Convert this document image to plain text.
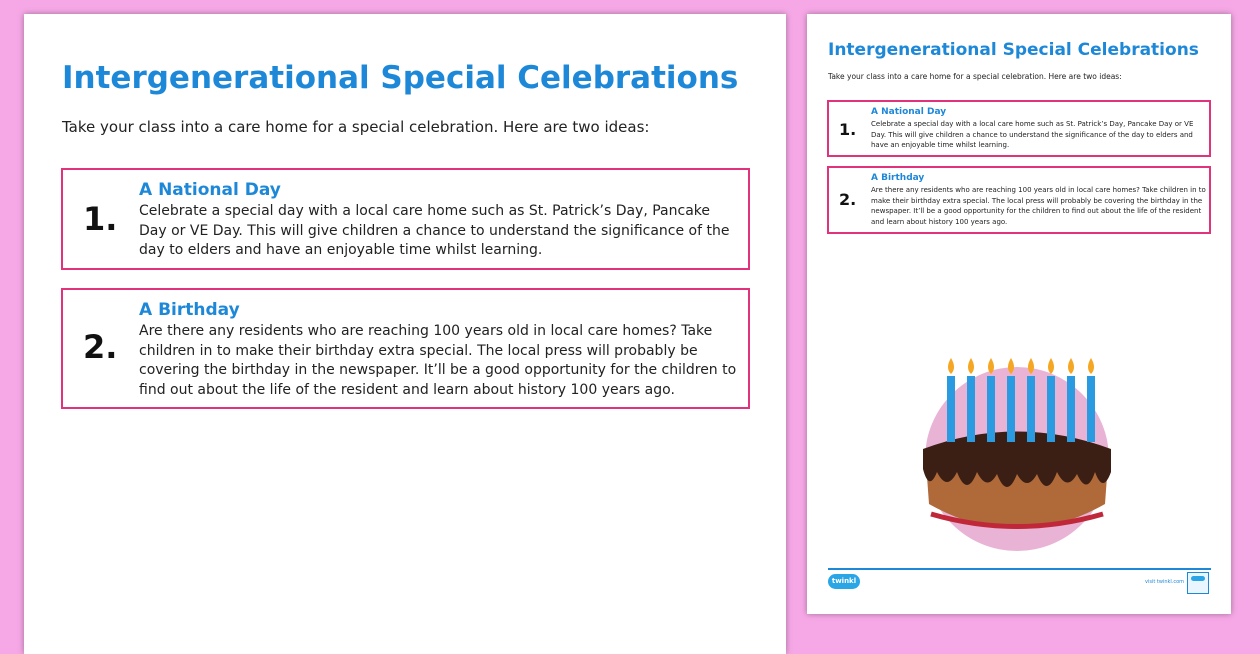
Intergenerational Special Celebrations

Take your class into a care home for a special celebration. Here are two ideas:

1.
A National Day
Celebrate a special day with a local care home such as St. Patrick’s Day, Pancake Day or VE Day. This will give children a chance to understand the significance of the day to elders and have an enjoyable time whilst learning.
2.
A Birthday
Are there any residents who are reaching 100 years old in local care homes? Take children in to make their birthday extra special. The local press will probably be covering the birthday in the newspaper. It’ll be a good opportunity for the children to find out about the life of the resident and learn about history 100 years ago.
Intergenerational Special Celebrations

Take your class into a care home for a special celebration. Here are two ideas:

1.
A National Day
Celebrate a special day with a local care home such as St. Patrick’s Day, Pancake Day or VE Day. This will give children a chance to understand the significance of the day to elders and have an enjoyable time whilst learning.
2.
A Birthday
Are there any residents who are reaching 100 years old in local care homes? Take children in to make their birthday extra special. The local press will probably be covering the birthday in the newspaper. It’ll be a good opportunity for the children to find out about the life of the resident and learn about history 100 years ago.
twinkl	visit twinkl.com
